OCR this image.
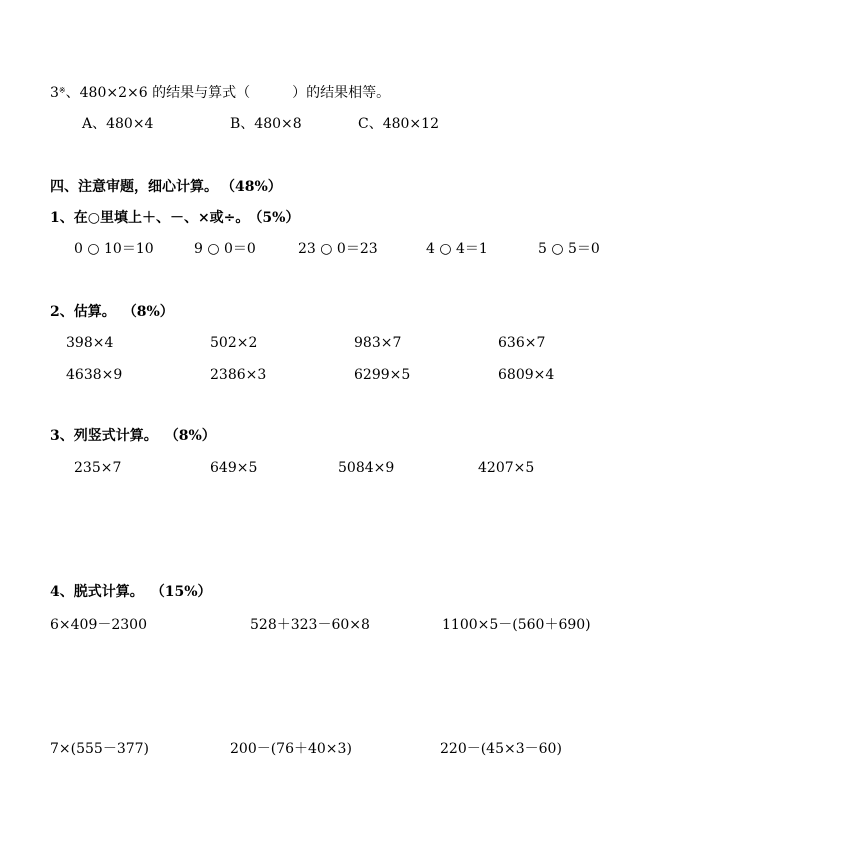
3※、480×2×6 的结果与算式（　　　）的结果相等。
A、480×4	B、480×8	C、480×12
四、注意审题，细心计算。 （48%）
1、在○里填上＋、－、×或÷。 （5%）
0 ○ 10＝10	9 ○ 0＝0	23 ○ 0＝23	4 ○ 4＝1	5 ○ 5＝0
2、估算。 （8%）
398×4	502×2	983×7	636×7
4638×9	2386×3	6299×5	6809×4
3、列竖式计算。 （8%）
235×7	649×5	5084×9	4207×5
4、脱式计算。 （15%）
6×409－2300	528＋323－60×8	1100×5－(560＋690)
7×(555－377)	200－(76＋40×3)	220－(45×3－60)
